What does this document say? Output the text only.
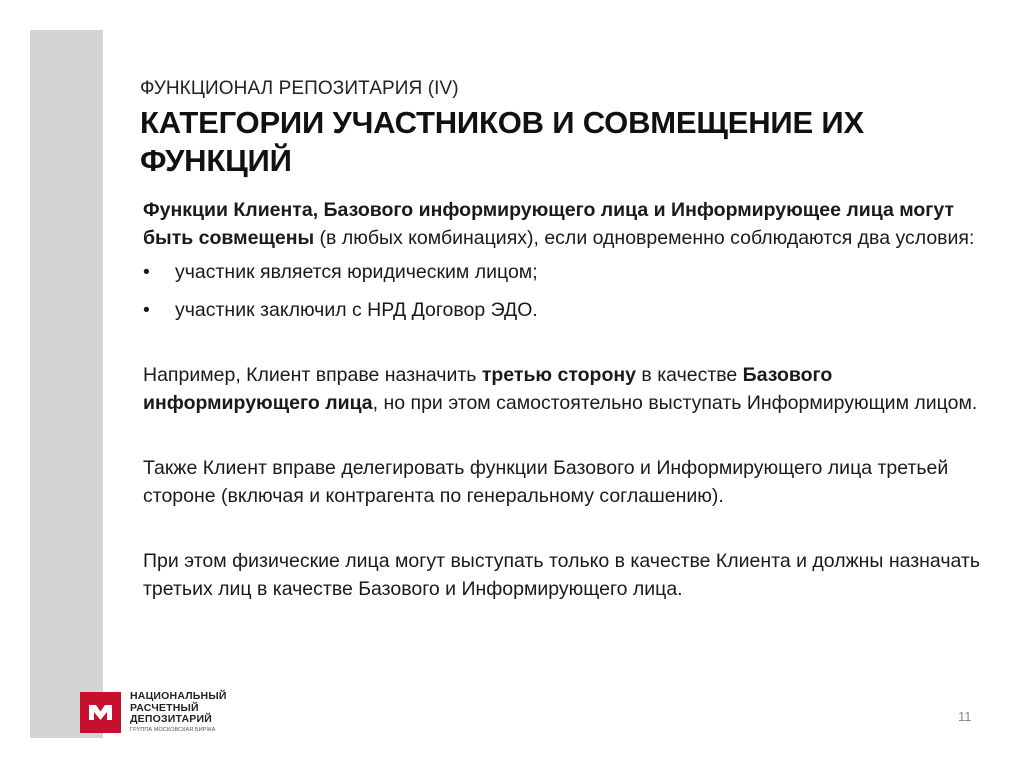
ФУНКЦИОНАЛ РЕПОЗИТАРИЯ (IV)
КАТЕГОРИИ УЧАСТНИКОВ И СОВМЕЩЕНИЕ ИХ ФУНКЦИЙ

Функции Клиента, Базового информирующего лица и Информирующее лица могут быть совмещены (в любых комбинациях), если одновременно соблюдаются два условия:

• участник является юридическим лицом;
• участник заключил с НРД Договор ЭДО.

Например, Клиент вправе назначить третью сторону в качестве Базового информирующего лица, но при этом самостоятельно выступать Информирующим лицом.

Также Клиент вправе делегировать функции Базового и Информирующего лица третьей стороне (включая и контрагента по генеральному соглашению).

При этом физические лица могут выступать только в качестве Клиента и должны назначать третьих лиц в качестве Базового и Информирующего лица.

НАЦИОНАЛЬНЫЙ
РАСЧЕТНЫЙ
ДЕПОЗИТАРИЙ
ГРУППА МОСКОВСКАЯ БИРЖА
11
